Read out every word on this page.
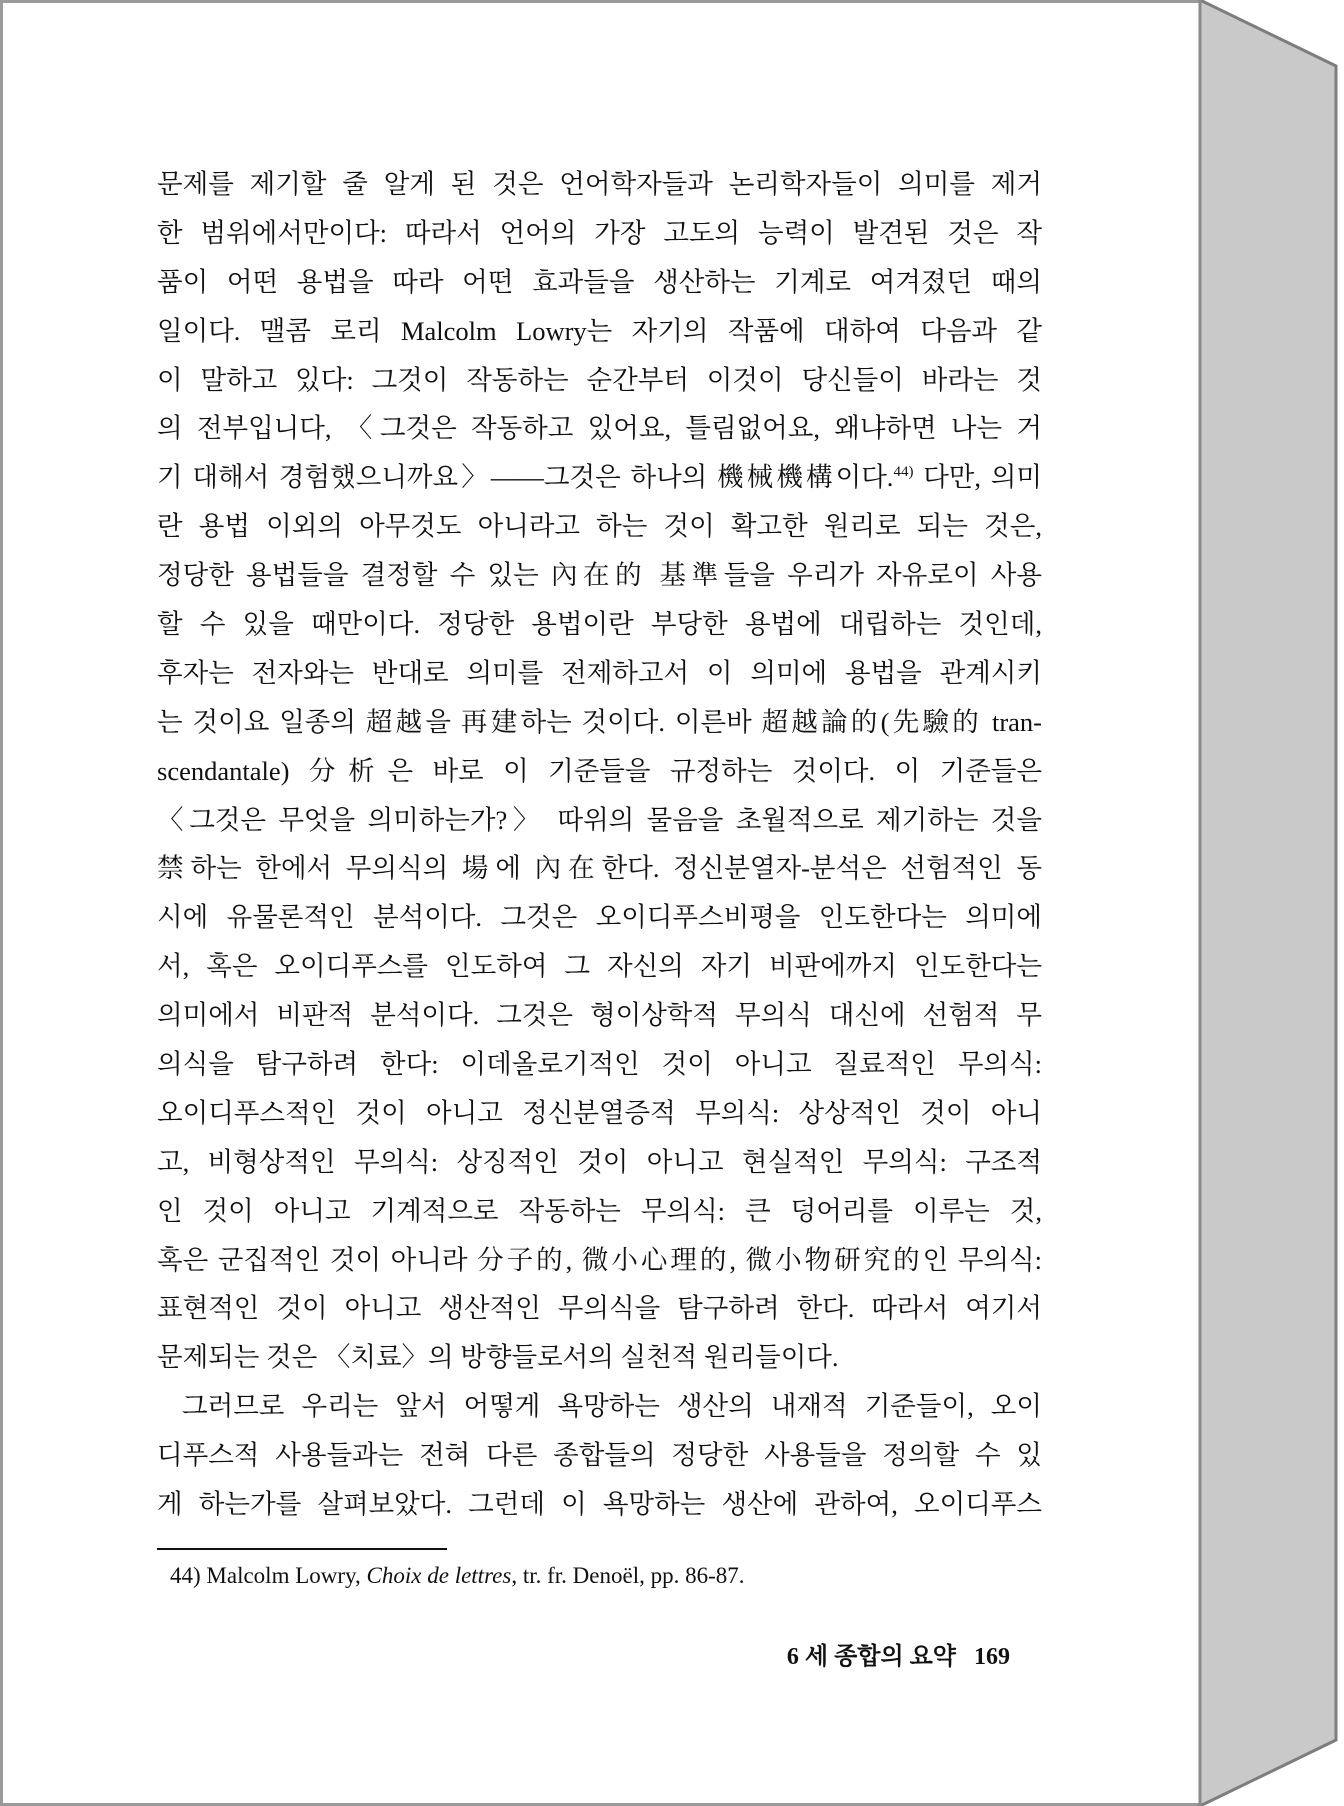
문제를 제기할 줄 알게 된 것은 언어학자들과 논리학자들이 의미를 제거
한 범위에서만이다: 따라서 언어의 가장 고도의 능력이 발견된 것은 작
품이 어떤 용법을 따라 어떤 효과들을 생산하는 기계로 여겨졌던 때의
일이다. 맬콤 로리 Malcolm Lowry는 자기의 작품에 대하여 다음과 같
이 말하고 있다: 그것이 작동하는 순간부터 이것이 당신들이 바라는 것
의 전부입니다, 〈그것은 작동하고 있어요, 틀림없어요, 왜냐하면 나는 거
기 대해서 경험했으니까요〉——그것은 하나의 機械機構이다.$^{44)}$ 다만, 의미
란 용법 이외의 아무것도 아니라고 하는 것이 확고한 원리로 되는 것은,
정당한 용법들을 결정할 수 있는 內在的 基準들을 우리가 자유로이 사용
할 수 있을 때만이다. 정당한 용법이란 부당한 용법에 대립하는 것인데,
후자는 전자와는 반대로 의미를 전제하고서 이 의미에 용법을 관계시키
는 것이요 일종의 超越을 再建하는 것이다. 이른바 超越論的(先驗的 tran-
scendantale) 分析은 바로 이 기준들을 규정하는 것이다. 이 기준들은
〈그것은 무엇을 의미하는가?〉 따위의 물음을 초월적으로 제기하는 것을
禁하는 한에서 무의식의 場에 內在한다. 정신분열자-분석은 선험적인 동
시에 유물론적인 분석이다. 그것은 오이디푸스비평을 인도한다는 의미에
서, 혹은 오이디푸스를 인도하여 그 자신의 자기 비판에까지 인도한다는
의미에서 비판적 분석이다. 그것은 형이상학적 무의식 대신에 선험적 무
의식을 탐구하려 한다: 이데올로기적인 것이 아니고 질료적인 무의식:
오이디푸스적인 것이 아니고 정신분열증적 무의식: 상상적인 것이 아니
고, 비형상적인 무의식: 상징적인 것이 아니고 현실적인 무의식: 구조적
인 것이 아니고 기계적으로 작동하는 무의식: 큰 덩어리를 이루는 것,
혹은 군집적인 것이 아니라 分子的, 微小心理的, 微小物研究的인 무의식:
표현적인 것이 아니고 생산적인 무의식을 탐구하려 한다. 따라서 여기서
문제되는 것은 〈치료〉의 방향들로서의 실천적 원리들이다.
그러므로 우리는 앞서 어떻게 욕망하는 생산의 내재적 기준들이, 오이
디푸스적 사용들과는 전혀 다른 종합들의 정당한 사용들을 정의할 수 있
게 하는가를 살펴보았다. 그런데 이 욕망하는 생산에 관하여, 오이디푸스
44) Malcolm Lowry, Choix de lettres, tr. fr. Denoël, pp. 86-87.
6 세 종합의 요약 169
